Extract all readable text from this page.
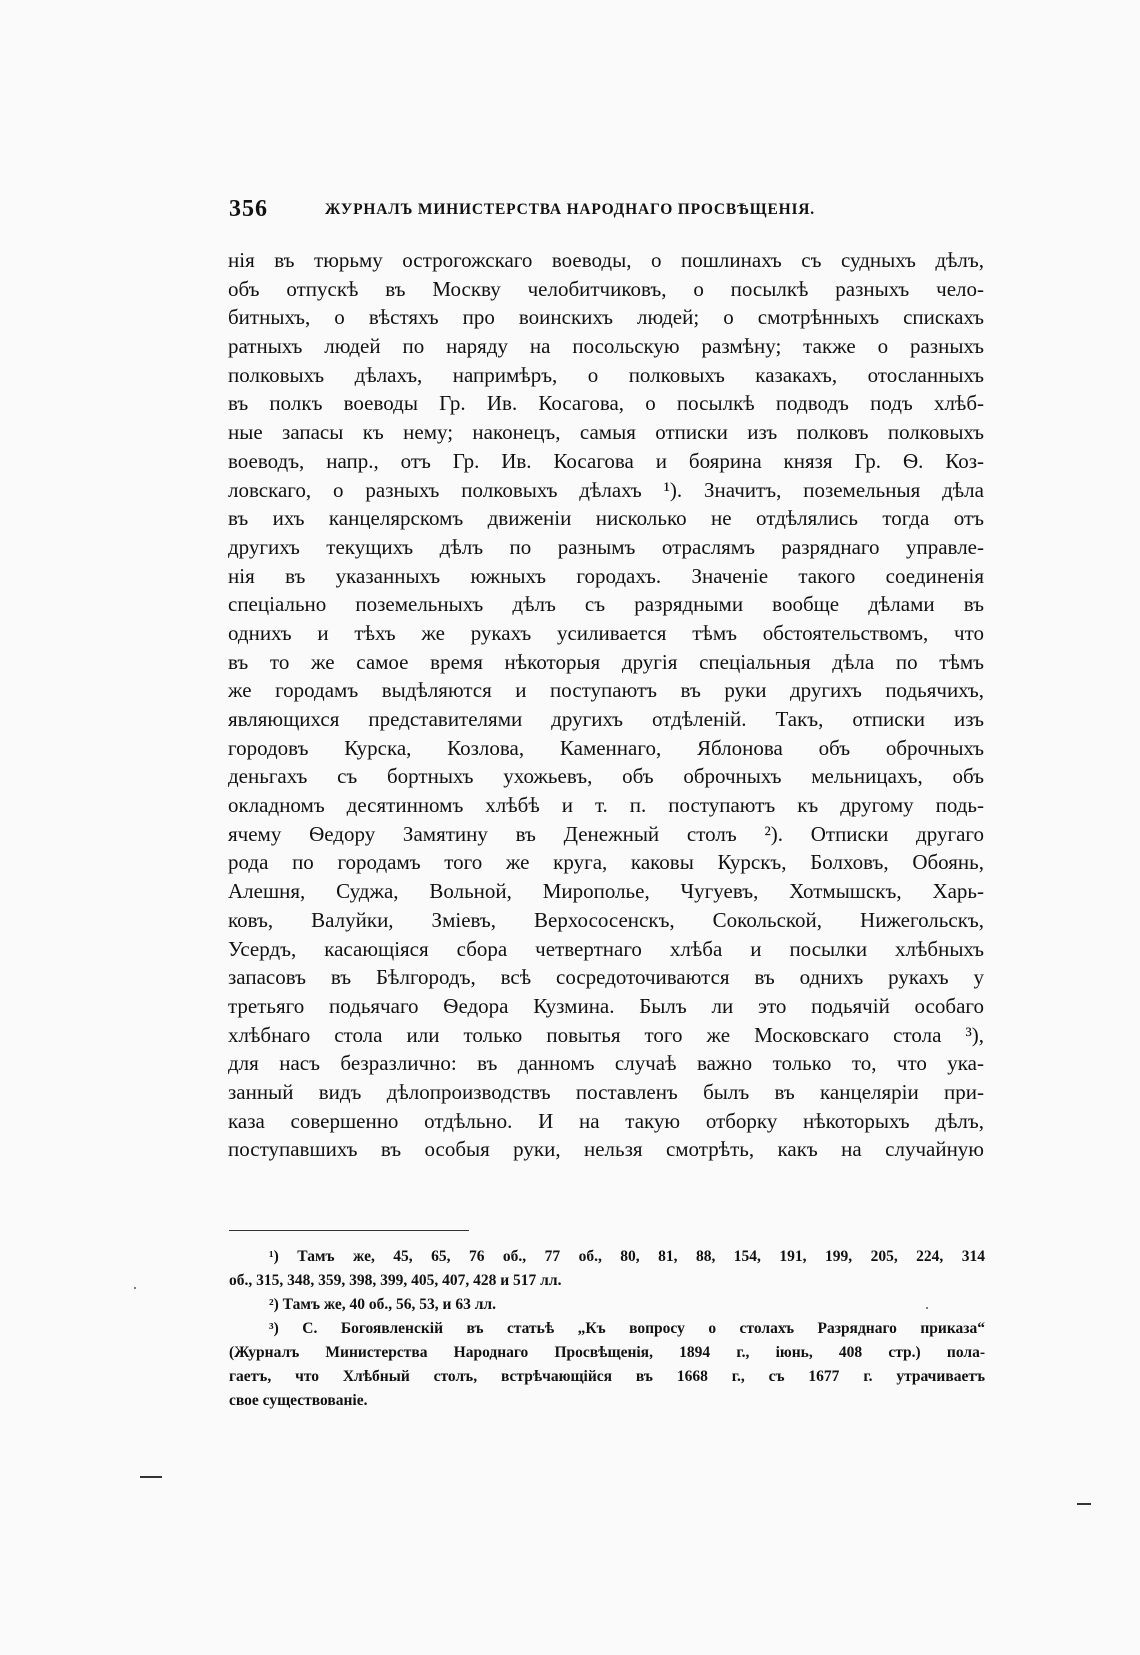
356	ЖУРНАЛЪ МИНИСТЕРСТВА НАРОДНАГО ПРОСВѢЩЕНІЯ.
нія въ тюрьму острогожскаго воеводы, о пошлинахъ съ судныхъ дѣлъ,
объ отпускѣ въ Москву челобитчиковъ, о посылкѣ разныхъ чело-
битныхъ, о вѣстяхъ про воинскихъ людей; о смотрѣнныхъ спискахъ
ратныхъ людей по наряду на посольскую размѣну; также о разныхъ
полковыхъ дѣлахъ, напримѣръ, о полковыхъ казакахъ, отосланныхъ
въ полкъ воеводы Гр. Ив. Косагова, о посылкѣ подводъ подъ хлѣб-
ные запасы къ нему; наконецъ, самыя отписки изъ полковъ полковыхъ
воеводъ, напр., отъ Гр. Ив. Косагова и боярина князя Гр. Ѳ. Коз-
ловскаго, о разныхъ полковыхъ дѣлахъ ¹). Значитъ, поземельныя дѣла
въ ихъ канцелярскомъ движеніи нисколько не отдѣлялись тогда отъ
другихъ текущихъ дѣлъ по разнымъ отраслямъ разряднаго управле-
нія въ указанныхъ южныхъ городахъ. Значеніе такого соединенія
спеціально поземельныхъ дѣлъ съ разрядными вообще дѣлами въ
однихъ и тѣхъ же рукахъ усиливается тѣмъ обстоятельствомъ, что
въ то же самое время нѣкоторыя другія спеціальныя дѣла по тѣмъ
же городамъ выдѣляются и поступаютъ въ руки другихъ подьячихъ,
являющихся представителями другихъ отдѣленій. Такъ, отписки изъ
городовъ Курска, Козлова, Каменнаго, Яблонова объ оброчныхъ
деньгахъ съ бортныхъ ухожьевъ, объ оброчныхъ мельницахъ, объ
окладномъ десятинномъ хлѣбѣ и т. п. поступаютъ къ другому подь-
ячему Ѳедору Замятину въ Денежный столъ ²). Отписки другаго
рода по городамъ того же круга, каковы Курскъ, Болховъ, Обоянь,
Алешня, Суджа, Вольной, Мирополье, Чугуевъ, Хотмышскъ, Харь-
ковъ, Валуйки, Зміевъ, Верхососенскъ, Сокольской, Нижегольскъ,
Усердъ, касающіяся сбора четвертнаго хлѣба и посылки хлѣбныхъ
запасовъ въ Бѣлгородъ, всѣ сосредоточиваются въ однихъ рукахъ у
третьяго подьячаго Ѳедора Кузмина. Былъ ли это подьячій особаго
хлѣбнаго стола или только повытья того же Московскаго стола ³),
для насъ безразлично: въ данномъ случаѣ важно только то, что ука-
занный видъ дѣлопроизводствъ поставленъ былъ въ канцеляріи при-
каза совершенно отдѣльно. И на такую отборку нѣкоторыхъ дѣлъ,
поступавшихъ въ особыя руки, нельзя смотрѣть, какъ на случайную
¹) Тамъ же, 45, 65, 76 об., 77 об., 80, 81, 88, 154, 191, 199, 205, 224, 314
об., 315, 348, 359, 398, 399, 405, 407, 428 и 517 лл.
²) Тамъ же, 40 об., 56, 53, и 63 лл.
³) С. Богоявленскій въ статьѣ „Къ вопросу о столахъ Разряднаго приказа“
(Журналъ Министерства Народнаго Просвѣщенія, 1894 г., іюнь, 408 стр.) пола-
гаетъ, что Хлѣбный столъ, встрѣчающійся въ 1668 г., съ 1677 г. утрачиваетъ
свое существованіе.
